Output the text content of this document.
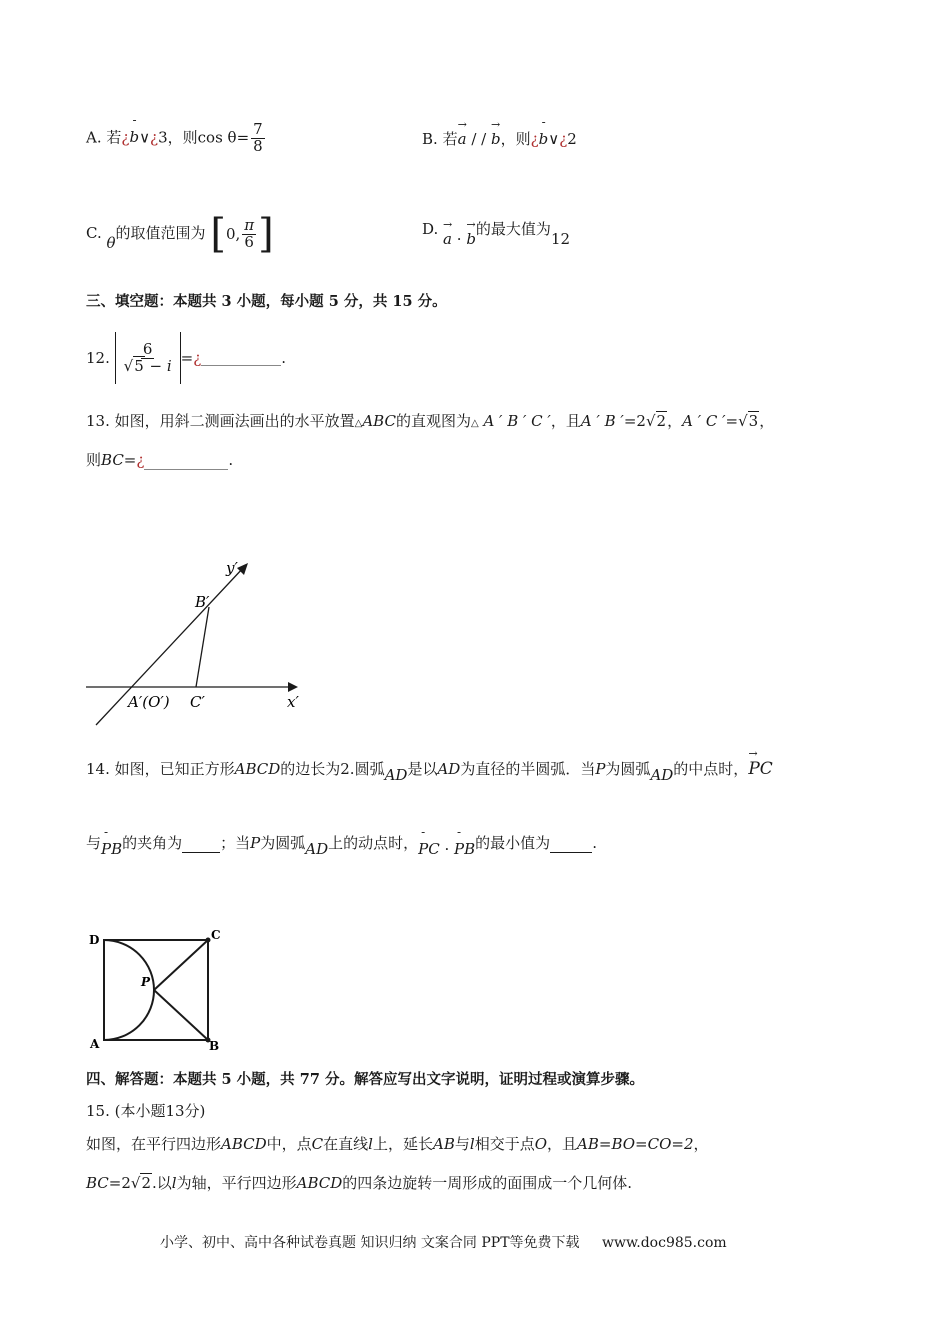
A. 若¿- b∨¿3，则$\cos \theta= \frac{7}{8}$	B. 若→ a / / → b，则¿- b∨¿2
C. θ的取值范围为 [ 0 , $\frac{\pi}{6}$ ]	D. → a · → b的最大值为12
三、填空题：本题共 3 小题，每小题 5 分，共 15 分。
12. $\frac{6}{√5 - i}$ =¿	.
13. 如图，用斜二测画法画出的水平放置△ABC的直观图为△ A ′ B ′ C ′，且A ′ B ′=2√2，A ′ C ′=√3，
则BC=¿	.
y′
B′
A′(O′) C′	x′
14. 如图，已知正方形ABCD的边长为2.圆弧AD是以AD为直径的半圆弧．当P为圆弧AD的中点时，→ PC
与- PB的夹角为	；当P为圆弧AD上的动点时，- PC · - PB的最小值为	.
D	C
P
A	B
四、解答题：本题共 5 小题，共 77 分。解答应写出文字说明，证明过程或演算步骤。
15. (本小题13分)
如图，在平行四边形ABCD中，点C在直线l上，延长AB与l相交于点O，且AB=BO=CO=2，
BC=2√2.以l为轴，平行四边形ABCD的四条边旋转一周形成的面围成一个几何体.
小学、初中、高中各种试卷真题 知识归纳 文案合同 PPT等免费下载 www.doc985.com
